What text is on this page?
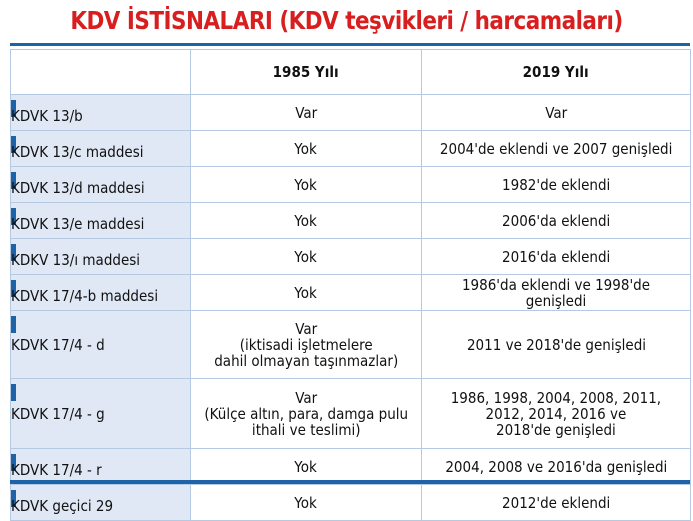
KDV İSTİSNALARI (KDV teşvikleri / harcamaları)
	1985 Yılı	2019 Yılı

KDVK 13/b	Var	Var

KDVK 13/c maddesi	Yok	2004'de eklendi ve 2007 genişledi

KDVK 13/d maddesi	Yok	1982'de eklendi

KDVK 13/e maddesi	Yok	2006'da eklendi

KDKV 13/ı maddesi	Yok	2016'da eklendi

KDVK 17/4-b maddesi	Yok	1986'da eklendi ve 1998'de genişledi

KDVK 17/4 - d	Var
(iktisadi işletmelere
dahil olmayan taşınmazlar)	2011 ve 2018'de genişledi

KDVK 17/4 - g	Var
(Külçe altın, para, damga pulu
ithali ve teslimi)	1986, 1998, 2004, 2008, 2011,
2012, 2014, 2016 ve
2018'de genişledi

KDVK 17/4 - r	Yok	2004, 2008 ve 2016'da genişledi

KDVK geçici 29	Yok	2012'de eklendi
